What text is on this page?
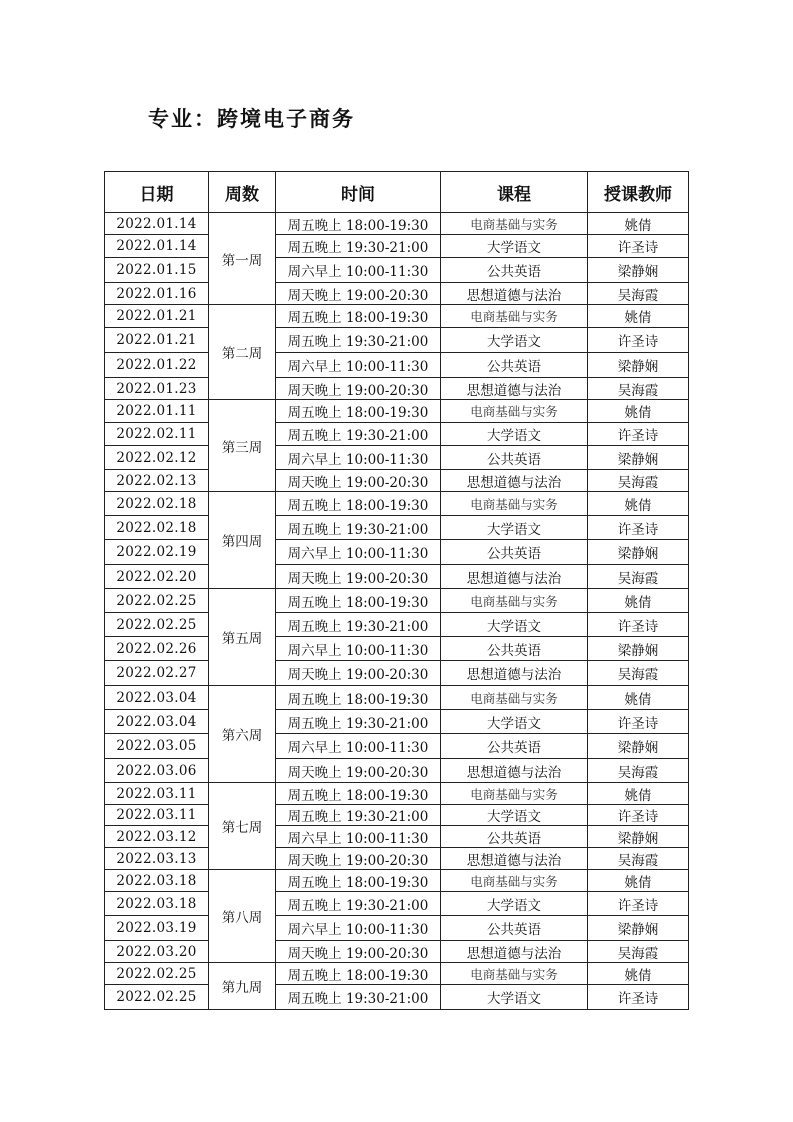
专业：跨境电子商务
日期	周数	时间	课程	授课教师
2022.01.14	第一周	周五晚上 18:00-19:30	电商基础与实务	姚倩
2022.01.14		周五晚上 19:30-21:00	大学语文	许圣诗
2022.01.15		周六早上 10:00-11:30	公共英语	梁静娴
2022.01.16		周天晚上 19:00-20:30	思想道德与法治	吴海霞
2022.01.21	第二周	周五晚上 18:00-19:30	电商基础与实务	姚倩
2022.01.21		周五晚上 19:30-21:00	大学语文	许圣诗
2022.01.22		周六早上 10:00-11:30	公共英语	梁静娴
2022.01.23		周天晚上 19:00-20:30	思想道德与法治	吴海霞
2022.01.11	第三周	周五晚上 18:00-19:30	电商基础与实务	姚倩
2022.02.11		周五晚上 19:30-21:00	大学语文	许圣诗
2022.02.12		周六早上 10:00-11:30	公共英语	梁静娴
2022.02.13		周天晚上 19:00-20:30	思想道德与法治	吴海霞
2022.02.18	第四周	周五晚上 18:00-19:30	电商基础与实务	姚倩
2022.02.18		周五晚上 19:30-21:00	大学语文	许圣诗
2022.02.19		周六早上 10:00-11:30	公共英语	梁静娴
2022.02.20		周天晚上 19:00-20:30	思想道德与法治	吴海霞
2022.02.25	第五周	周五晚上 18:00-19:30	电商基础与实务	姚倩
2022.02.25		周五晚上 19:30-21:00	大学语文	许圣诗
2022.02.26		周六早上 10:00-11:30	公共英语	梁静娴
2022.02.27		周天晚上 19:00-20:30	思想道德与法治	吴海霞
2022.03.04	第六周	周五晚上 18:00-19:30	电商基础与实务	姚倩
2022.03.04		周五晚上 19:30-21:00	大学语文	许圣诗
2022.03.05		周六早上 10:00-11:30	公共英语	梁静娴
2022.03.06		周天晚上 19:00-20:30	思想道德与法治	吴海霞
2022.03.11	第七周	周五晚上 18:00-19:30	电商基础与实务	姚倩
2022.03.11		周五晚上 19:30-21:00	大学语文	许圣诗
2022.03.12		周六早上 10:00-11:30	公共英语	梁静娴
2022.03.13		周天晚上 19:00-20:30	思想道德与法治	吴海霞
2022.03.18	第八周	周五晚上 18:00-19:30	电商基础与实务	姚倩
2022.03.18		周五晚上 19:30-21:00	大学语文	许圣诗
2022.03.19		周六早上 10:00-11:30	公共英语	梁静娴
2022.03.20		周天晚上 19:00-20:30	思想道德与法治	吴海霞
2022.02.25	第九周	周五晚上 18:00-19:30	电商基础与实务	姚倩
2022.02.25		周五晚上 19:30-21:00	大学语文	许圣诗
